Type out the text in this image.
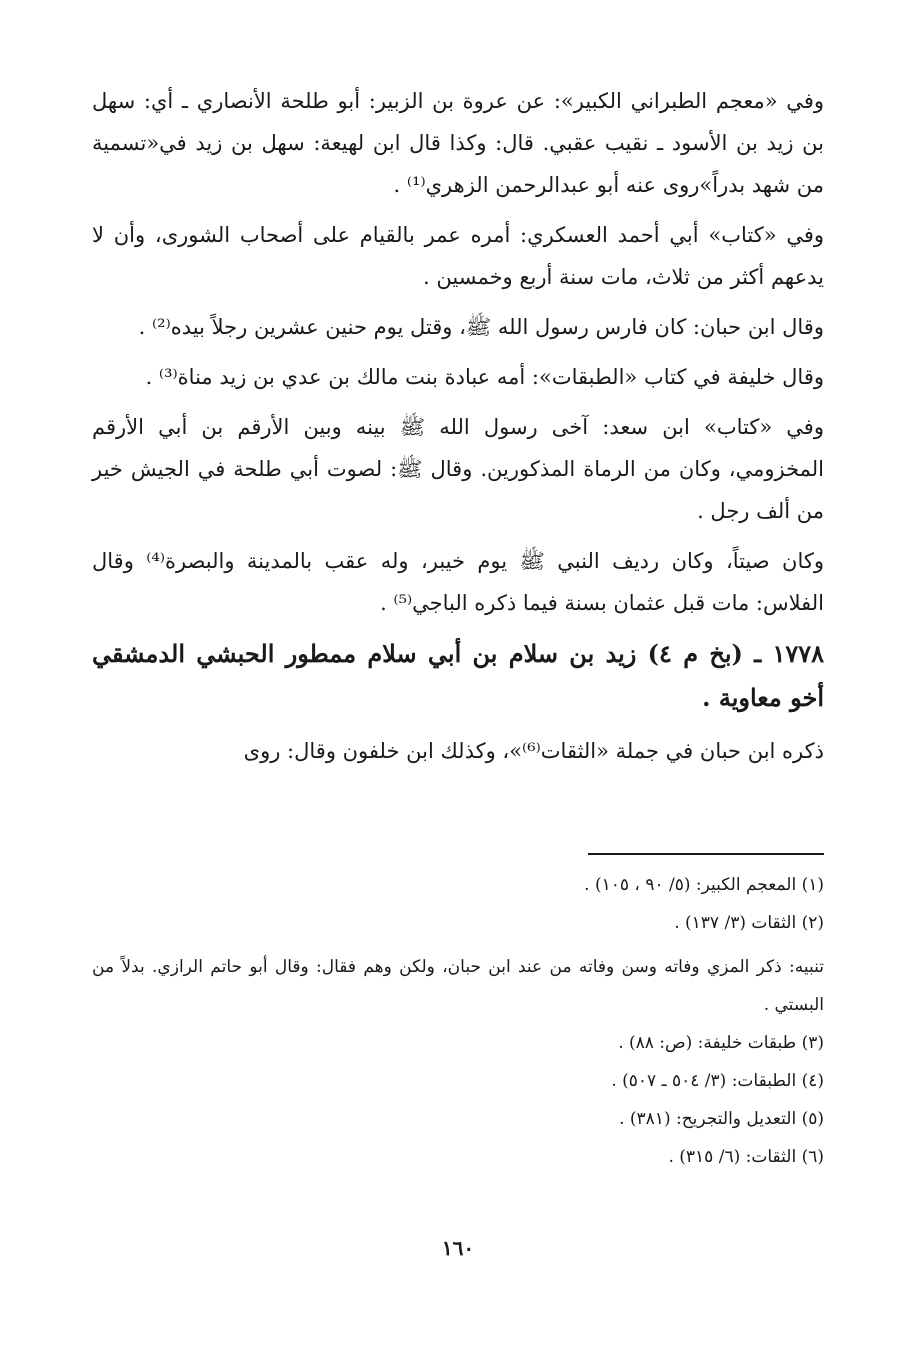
وفي «معجم الطبراني الكبير»: عن عروة بن الزبير: أبو طلحة الأنصاري ـ أي: سهل بن زيد بن الأسود ـ نقيب عقبي. قال: وكذا قال ابن لهيعة: سهل بن زيد في«تسمية من شهد بدراً»روى عنه أبو عبدالرحمن الزهري⁽¹⁾ .

وفي «كتاب» أبي أحمد العسكري: أمره عمر بالقيام على أصحاب الشورى، وأن لا يدعهم أكثر من ثلاث، مات سنة أربع وخمسين .

وقال ابن حبان: كان فارس رسول الله ﷺ، وقتل يوم حنين عشرين رجلاً بيده⁽²⁾ .

وقال خليفة في كتاب «الطبقات»: أمه عبادة بنت مالك بن عدي بن زيد مناة⁽³⁾ .

وفي «كتاب» ابن سعد: آخى رسول الله ﷺ بينه وبين الأرقم بن أبي الأرقم المخزومي، وكان من الرماة المذكورين. وقال ﷺ: لصوت أبي طلحة في الجيش خير من ألف رجل .

وكان صيتاً، وكان رديف النبي ﷺ يوم خيبر، وله عقب بالمدينة والبصرة⁽⁴⁾ وقال الفلاس: مات قبل عثمان بسنة فيما ذكره الباجي⁽⁵⁾ .

١٧٧٨ ـ (بخ م ٤) زيد بن سلام بن أبي سلام ممطور الحبشي الدمشقي أخو معاوية .

ذكره ابن حبان في جملة «الثقات⁽⁶⁾»، وكذلك ابن خلفون وقال: روى

(١) المعجم الكبير: (٥/ ٩٠ ، ١٠٥) .

(٢) الثقات (٣/ ١٣٧) .

تنبيه: ذكر المزي وفاته وسن وفاته من عند ابن حبان، ولكن وهم فقال: وقال أبو حاتم الرازي. بدلاً من البستي .

(٣) طبقات خليفة: (ص: ٨٨) .

(٤) الطبقات: (٣/ ٥٠٤ ـ ٥٠٧) .

(٥) التعديل والتجريح: (٣٨١) .

(٦) الثقات: (٦/ ٣١٥) .

١٦٠
